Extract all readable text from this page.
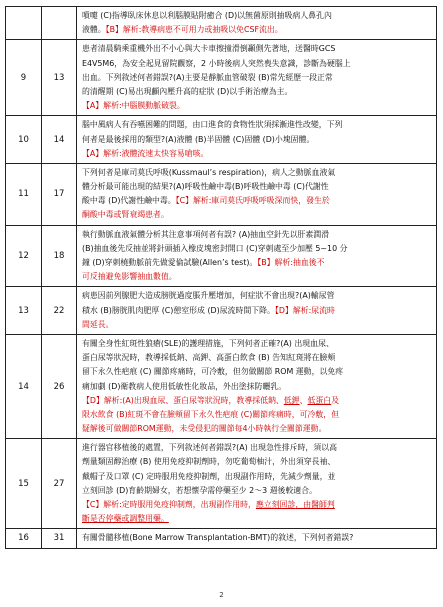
噴嚏 (C)指導臥床休息以利腦膜貼附癒合 (D)以無菌原則抽吸病人鼻孔內
液體。【B】解析:教導病患不可用力或抽吸以免CSF流出。
9	13
患者清晨騎乘重機外出不小心與大卡車擦撞滑倒顳側先著地，送醫時GCS
E4V5M6，為安全起見留院觀察，2 小時後病人突然喪失意識，診斷為硬腦上
出血。下列敘述何者錯誤?(A)主要是靜脈血管破裂 (B)常先經歷一段正常
的清醒期 (C)易出現顱內壓升高的症狀 (D)以手術治療為主。
【A】解析:中腦膜動脈破裂。
10	14
腦中風病人有吞嚥困難的問題，由口進食的食物性狀須採漸進性改變，下列
何者是最後採用的類型?(A)液體 (B)半固體 (C)固體 (D)小塊固體。
【A】解析:液體流速太快容易嗆咳。
11	17
下列何者是庫司莫氏呼吸(Kussmaul’s respiration)，病人之動脈血液氣
體分析最可能出現的結果?(A)呼吸性鹼中毒(B)呼吸性鹼中毒 (C)代謝性
酸中毒 (D)代謝性鹼中毒。【C】解析:庫司莫氏呼吸呼吸深而快，發生於
酮酸中毒或腎衰竭患者。
12	18
執行動脈血液氣體分析其注意事項何者有誤? (A)抽血空針先以肝素潤滑
(B)抽血後先反抽並將針頭插入橡皮塊密封開口 (C)穿刺處至少加壓 5~10 分
鐘 (D)穿刺橈動脈前先做愛倫試驗(Allen’s test)。【B】解析:抽血後不
可反抽避免影響抽血數值。
13	22
病患因前列腺肥大造成膀胱過度脹升壓增加，何症狀不會出現?(A)輸尿管
積水 (B)膀胱肌肉肥厚 (C)憩室形成 (D)尿流時間下降。【D】解析:尿流時
間延長。
14	26
有關全身性紅斑性狼瘡(SLE)的護理措施，下列何者正確?(A) 出現血尿、
蛋白尿等狀況時，教導採低鈉、高鉀、高蛋白飲食 (B) 告知紅斑將在臉頰
留下永久性疤痕 (C) 關節疼痛時，可冷敷，但勿做關節 ROM 運動，以免疼
痛加劇 (D)衛教病人使用低敏性化妝品，外出塗抹防曬乳。
【D】解析:(A)出現血尿、蛋白尿等狀況時，教導採低鈉、低鉀、低蛋白及
限水飲食 (B)紅斑不會在臉頰留下永久性疤痕 (C)關節疼痛時，可冷敷，但
疑解後可做關節ROM運動，未受侵犯的關節每4小時執行全關節運動。
15	27
進行器官移植後的處置，下列敘述何者錯誤?(A) 出現急性排斥時，須以高
劑量類固醇治療 (B) 使用免疫抑制劑時，勿吃葡萄柚汁，外出須穿長袖、
戴帽子及口罩 (C) 定時服用免疫抑制劑，出現副作用時，先減少劑量，並
立刻回診 (D)育齡期婦女，若想懷孕需停藥至少 2～3 週後較適合。
【C】解析:定時服用免疫抑制劑，出現副作用時，應立刻回診，由醫師判
斷是否停藥或調整用藥。
16	31	有關骨髓移植(Bone Marrow Transplantation-BMT)的敘述，下列何者錯誤?
2
